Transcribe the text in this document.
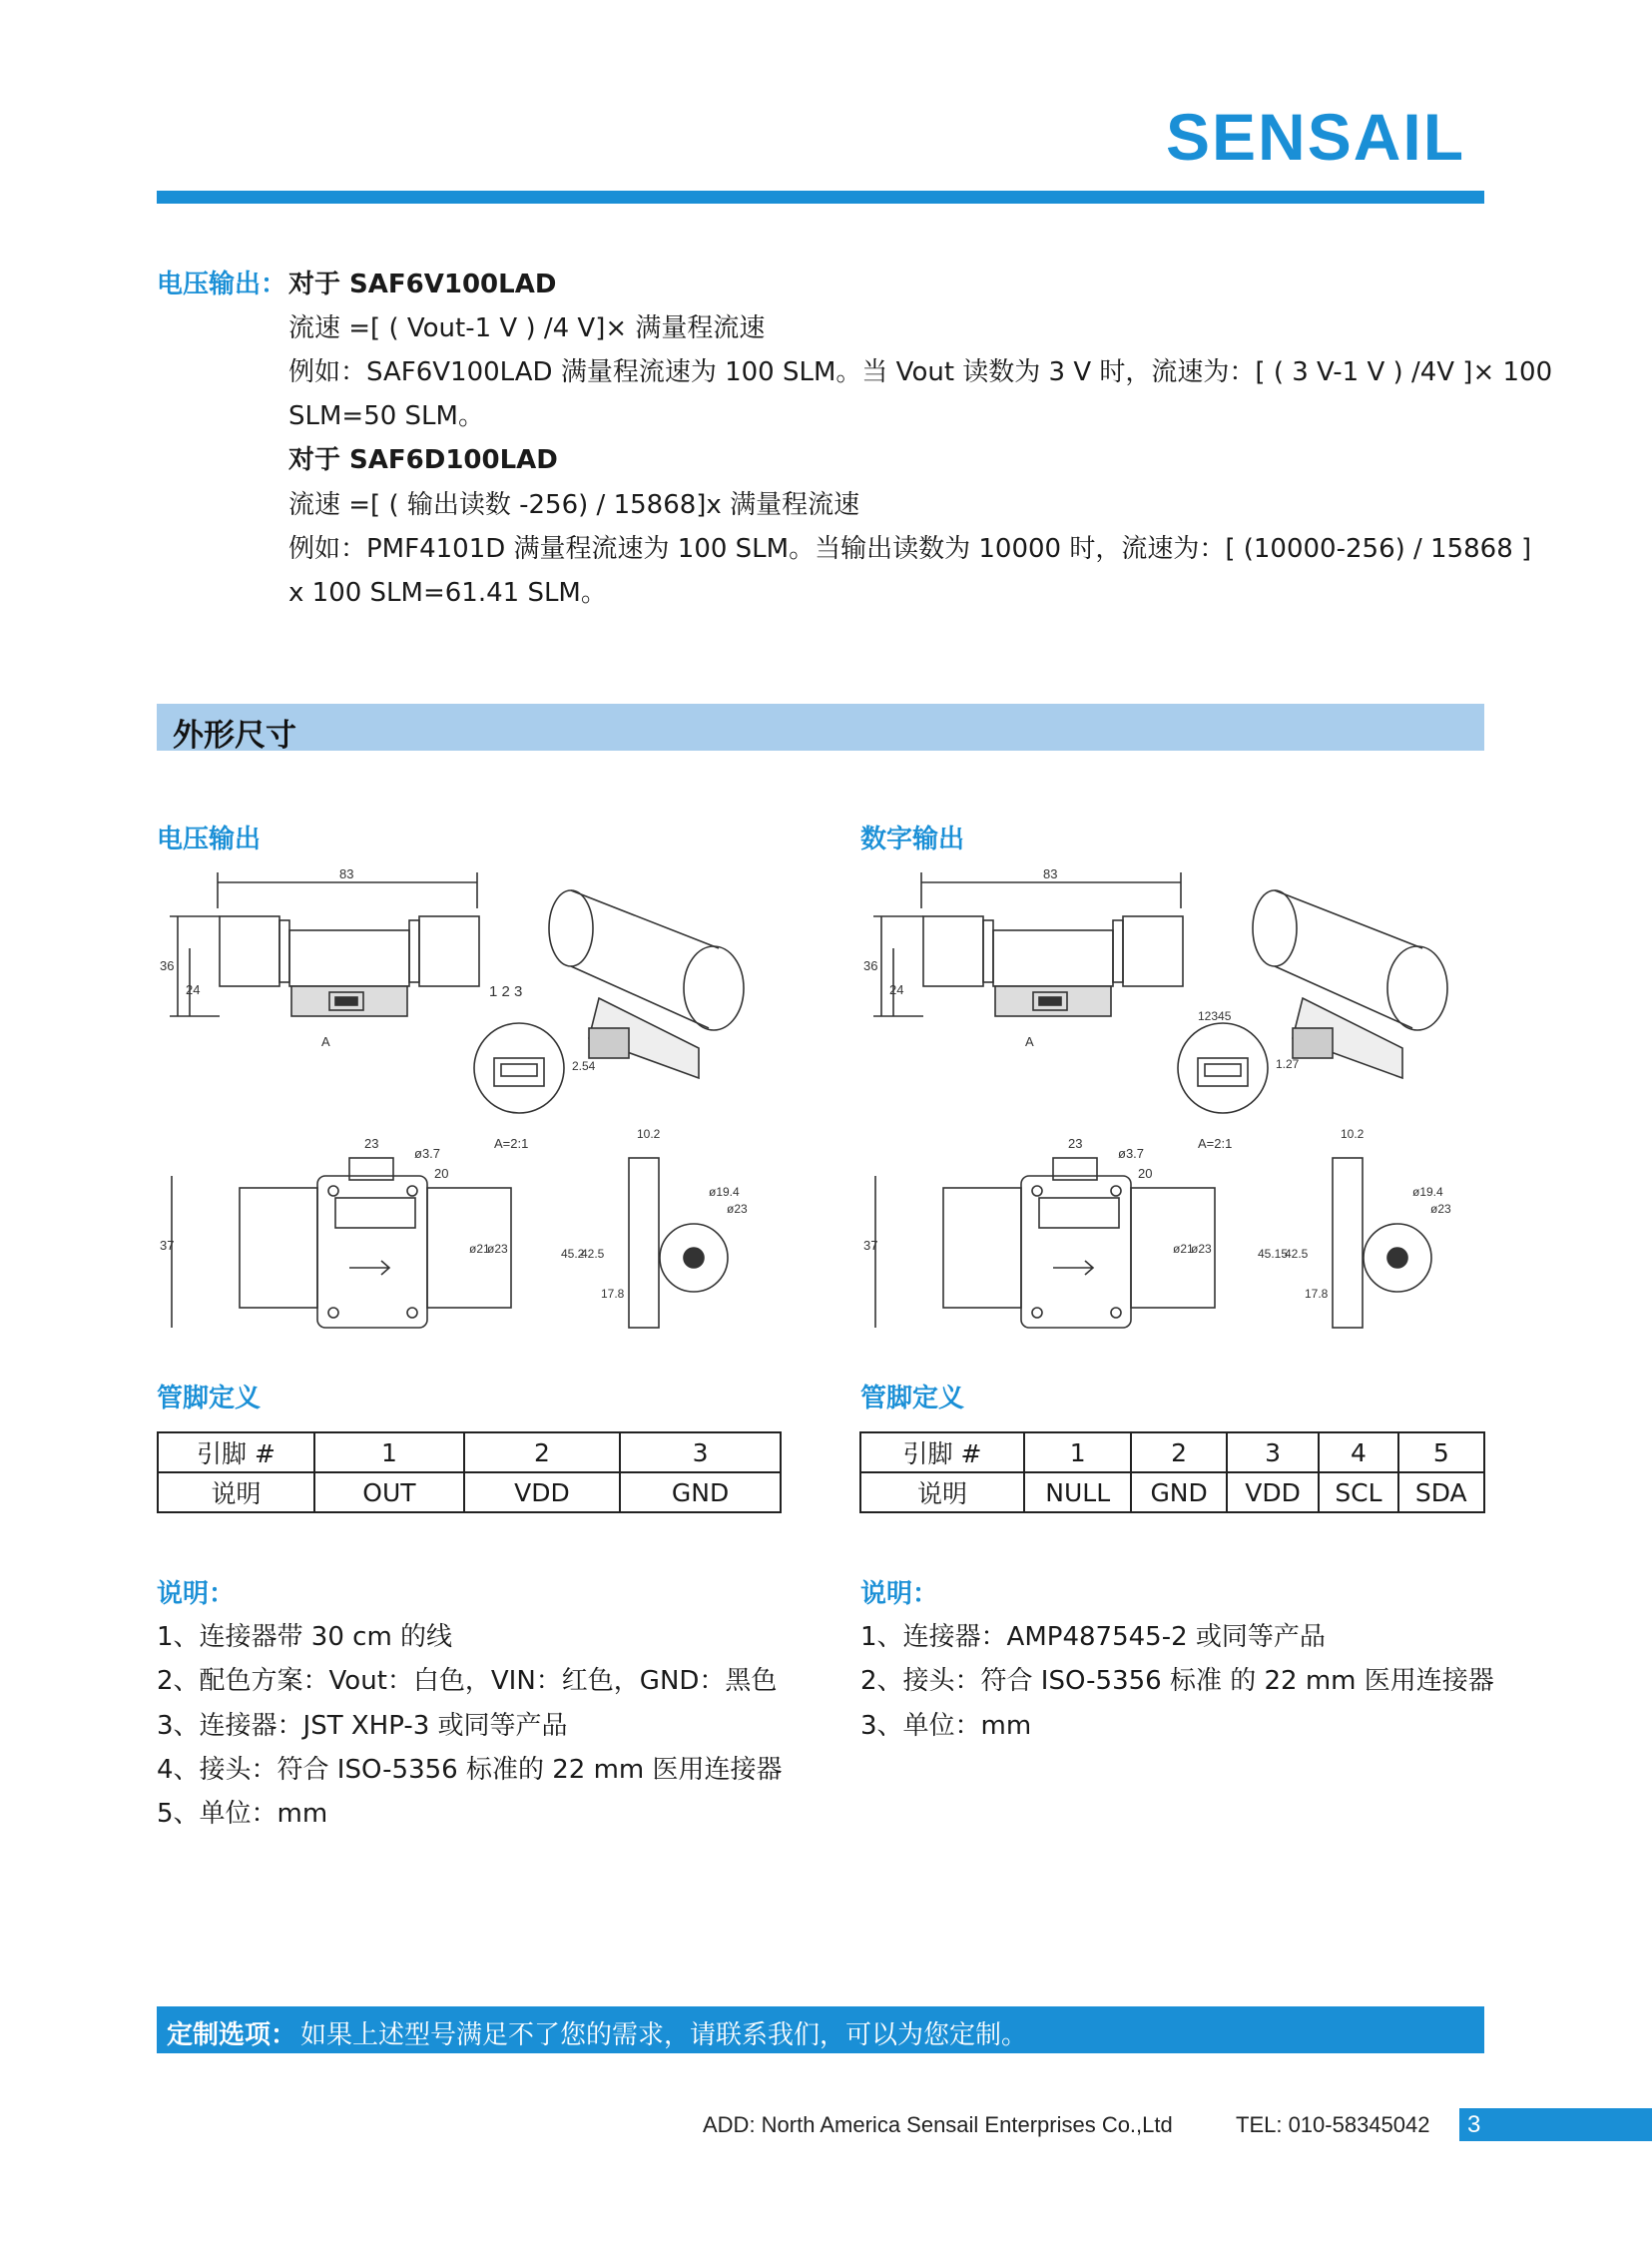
SENSAIL
电压输出： 对于 SAF6V100LAD
流速 =[ ( Vout-1 V ) /4 V]× 满量程流速
例如：SAF6V100LAD 满量程流速为 100 SLM。当 Vout 读数为 3 V 时，流速为：[ ( 3 V-1 V ) /4V ]× 100
SLM=50 SLM。
对于 SAF6D100LAD
流速 =[ ( 输出读数 -256) / 15868]x 满量程流速
例如：PMF4101D 满量程流速为 100 SLM。当输出读数为 10000 时，流速为：[ (10000-256) / 15868 ]
x 100 SLM=61.41 SLM。
外形尺寸
电压输出	数字输出
83
36
24
A
1 2 3
2.54
A=2:1
23
ø3.7
20
37	ø21
ø23
10.2
ø19.4
ø23
45.2
42.5
17.8
83
36
24
A
12345
1.27
A=2:1
23
ø3.7
20
37	ø21
ø23
10.2
ø19.4
ø23
45.15
42.5
17.8
管脚定义	管脚定义
引脚 #	1	2	3
说明	OUT	VDD	GND
引脚 #	1	2	3	4	5
说明	NULL	GND	VDD	SCL	SDA
说明：
1、连接器带 30 cm 的线
2、配色方案：Vout：白色，VIN：红色，GND：黑色
3、连接器：JST XHP-3 或同等产品
4、接头：符合 ISO-5356 标准的 22 mm 医用连接器
5、单位：mm
说明：
1、连接器：AMP487545-2 或同等产品
2、接头：符合 ISO-5356 标准 的 22 mm 医用连接器
3、单位：mm
定制选项： 如果上述型号满足不了您的需求，请联系我们，可以为您定制。
ADD: North America Sensail Enterprises Co.,Ltd	TEL: 010-58345042 3
